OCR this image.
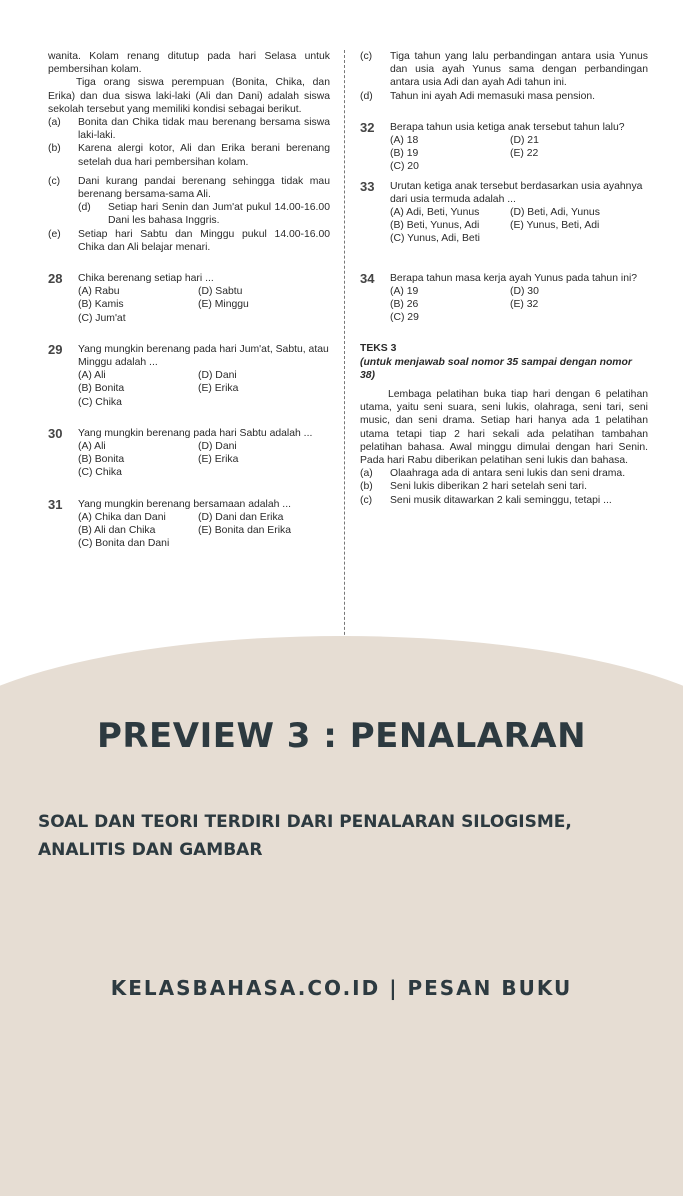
wanita. Kolam renang ditutup pada hari Selasa untuk pembersihan kolam.

Tiga orang siswa perempuan (Bonita, Chika, dan Erika) dan dua siswa laki-laki (Ali dan Dani) adalah siswa sekolah tersebut yang memiliki kondisi sebagai berikut.

(a)	Bonita dan Chika tidak mau berenang bersama siswa laki-laki.
(b)	Karena alergi kotor, Ali dan Erika berani berenang setelah dua hari pembersihan kolam.
(c)	Dani kurang pandai berenang sehingga tidak mau berenang bersama-sama Ali.
(d)	Setiap hari Senin dan Jum'at pukul 14.00-16.00 Dani les bahasa Inggris.
(e)	Setiap hari Sabtu dan Minggu pukul 14.00-16.00 Chika dan Ali belajar menari.
28	Chika berenang setiap hari ...
(A) Rabu	(D) Sabtu
(B) Kamis	(E) Minggu
(C) Jum'at
29	Yang mungkin berenang pada hari Jum'at, Sabtu, atau Minggu adalah ...
(A) Ali	(D) Dani
(B) Bonita	(E) Erika
(C) Chika
30	Yang mungkin berenang pada hari Sabtu adalah ...
(A) Ali	(D) Dani
(B) Bonita	(E) Erika
(C) Chika
31	Yang mungkin berenang bersamaan adalah ...
(A) Chika dan Dani	(D) Dani dan Erika
(B) Ali dan Chika	(E) Bonita dan Erika
(C) Bonita dan Dani
(c)	Tiga tahun yang lalu perbandingan antara usia Yunus dan usia ayah Yunus sama dengan perbandingan antara usia Adi dan ayah Adi tahun ini.
(d)	Tahun ini ayah Adi memasuki masa pension.
32	Berapa tahun usia ketiga anak tersebut tahun lalu?
(A) 18	(D) 21
(B) 19	(E) 22
(C) 20
33	Urutan ketiga anak tersebut berdasarkan usia ayahnya dari usia termuda adalah ...
(A) Adi, Beti, Yunus	(D) Beti, Adi, Yunus
(B) Beti, Yunus, Adi	(E) Yunus, Beti, Adi
(C) Yunus, Adi, Beti
34	Berapa tahun masa kerja ayah Yunus pada tahun ini?
(A) 19	(D) 30
(B) 26	(E) 32
(C) 29
TEKS 3
(untuk menjawab soal nomor 35 sampai dengan nomor 38)

Lembaga pelatihan buka tiap hari dengan 6 pelatihan utama, yaitu seni suara, seni lukis, olahraga, seni tari, seni music, dan seni drama. Setiap hari hanya ada 1 pelatihan utama tetapi tiap 2 hari sekali ada pelatihan tambahan pelatihan bahasa. Awal minggu dimulai dengan hari Senin. Pada hari Rabu diberikan pelatihan seni lukis dan bahasa.

(a)	Olaahraga ada di antara seni lukis dan seni drama.
(b)	Seni lukis diberikan 2 hari setelah seni tari.
(c)	Seni musik ditawarkan 2 kali seminggu, tetapi ...
PREVIEW 3 : PENALARAN
SOAL DAN TEORI TERDIRI DARI PENALARAN SILOGISME, ANALITIS DAN GAMBAR
KELASBAHASA.CO.ID | PESAN BUKU
